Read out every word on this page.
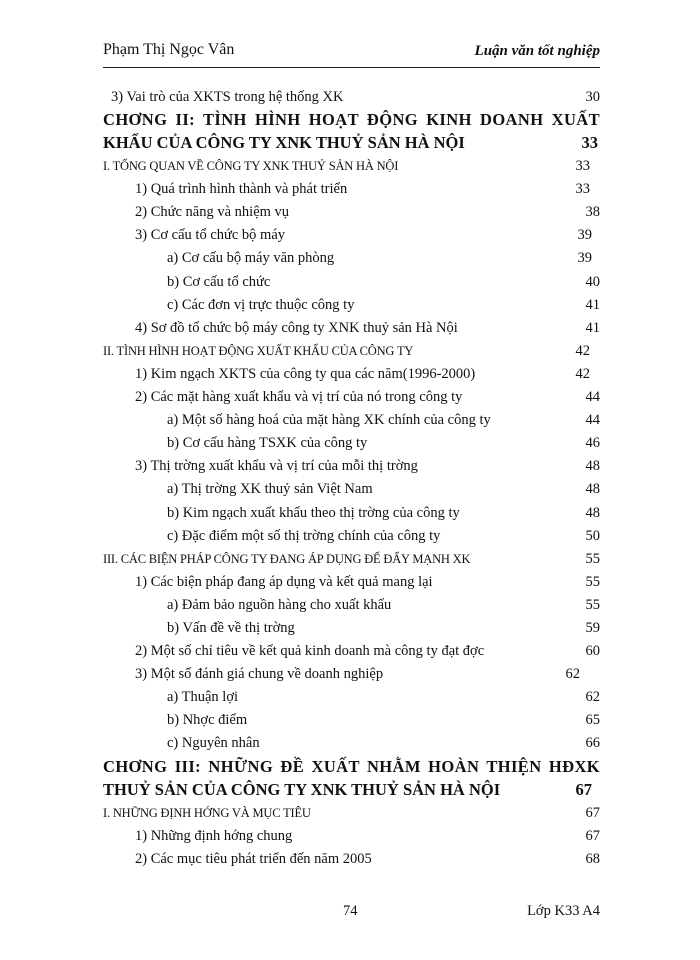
Phạm Thị Ngọc Vân	Luận văn tốt nghiệp
3) Vai trò của XKTS trong hệ thống XK	30
CHƠNG II: TÌNH HÌNH HOẠT ĐỘNG KINH DOANH XUẤT
KHẨU CỦA CÔNG TY XNK THUỶ SẢN HÀ NỘI	33
I. TỔNG QUAN VỀ CÔNG TY XNK THUỶ SẢN HÀ NỘI	33
1) Quá trình hình thành và phát triển	33
2) Chức năng và nhiệm vụ	38
3) Cơ cấu tổ chức bộ máy	39
a) Cơ cấu bộ máy văn phòng	39
b) Cơ cấu tổ chức	40
c) Các đơn vị trực thuộc công ty	41
4) Sơ đồ tổ chức bộ máy công ty XNK thuỷ sản Hà Nội	41
II. TÌNH HÌNH HOẠT ĐỘNG XUẤT KHẨU CỦA CÔNG TY	42
1) Kim ngạch XKTS của công ty qua các năm(1996-2000)	42
2) Các mặt hàng xuất khẩu và vị trí của nó trong công ty	44
a) Một số hàng hoá của mặt hàng XK chính của công ty	44
b) Cơ cấu hàng TSXK của công ty	46
3) Thị trờng xuất khẩu và vị trí của mỗi thị trờng	48
a) Thị trờng XK thuỷ sản Việt Nam	48
b) Kim ngạch xuất khẩu theo thị trờng của công ty	48
c) Đặc điểm một số thị trờng chính của công ty	50
III. CÁC BIỆN PHÁP CÔNG TY ĐANG ÁP DỤNG ĐỂ ĐẨY MẠNH XK	55
1) Các biện pháp đang áp dụng và kết quả mang lại	55
a) Đảm bảo nguồn hàng cho xuất khẩu	55
b) Vấn đề về thị trờng	59
2) Một số chỉ tiêu về kết quả kinh doanh mà công ty đạt đợc	60
3) Một số đánh giá chung về doanh nghiệp	62
a) Thuận lợi	62
b) Nhợc điểm	65
c) Nguyên nhân	66
CHƠNG III: NHỮNG ĐỀ XUẤT NHẰM HOÀN THIỆN HĐXK
THUỶ SẢN CỦA CÔNG TY XNK THUỶ SẢN HÀ NỘI	67
I. NHỮNG ĐỊNH HỚNG VÀ MỤC TIÊU	67
1) Những định hớng chung	67
2) Các mục tiêu phát triển đến năm 2005	68
74	Lớp K33 A4
